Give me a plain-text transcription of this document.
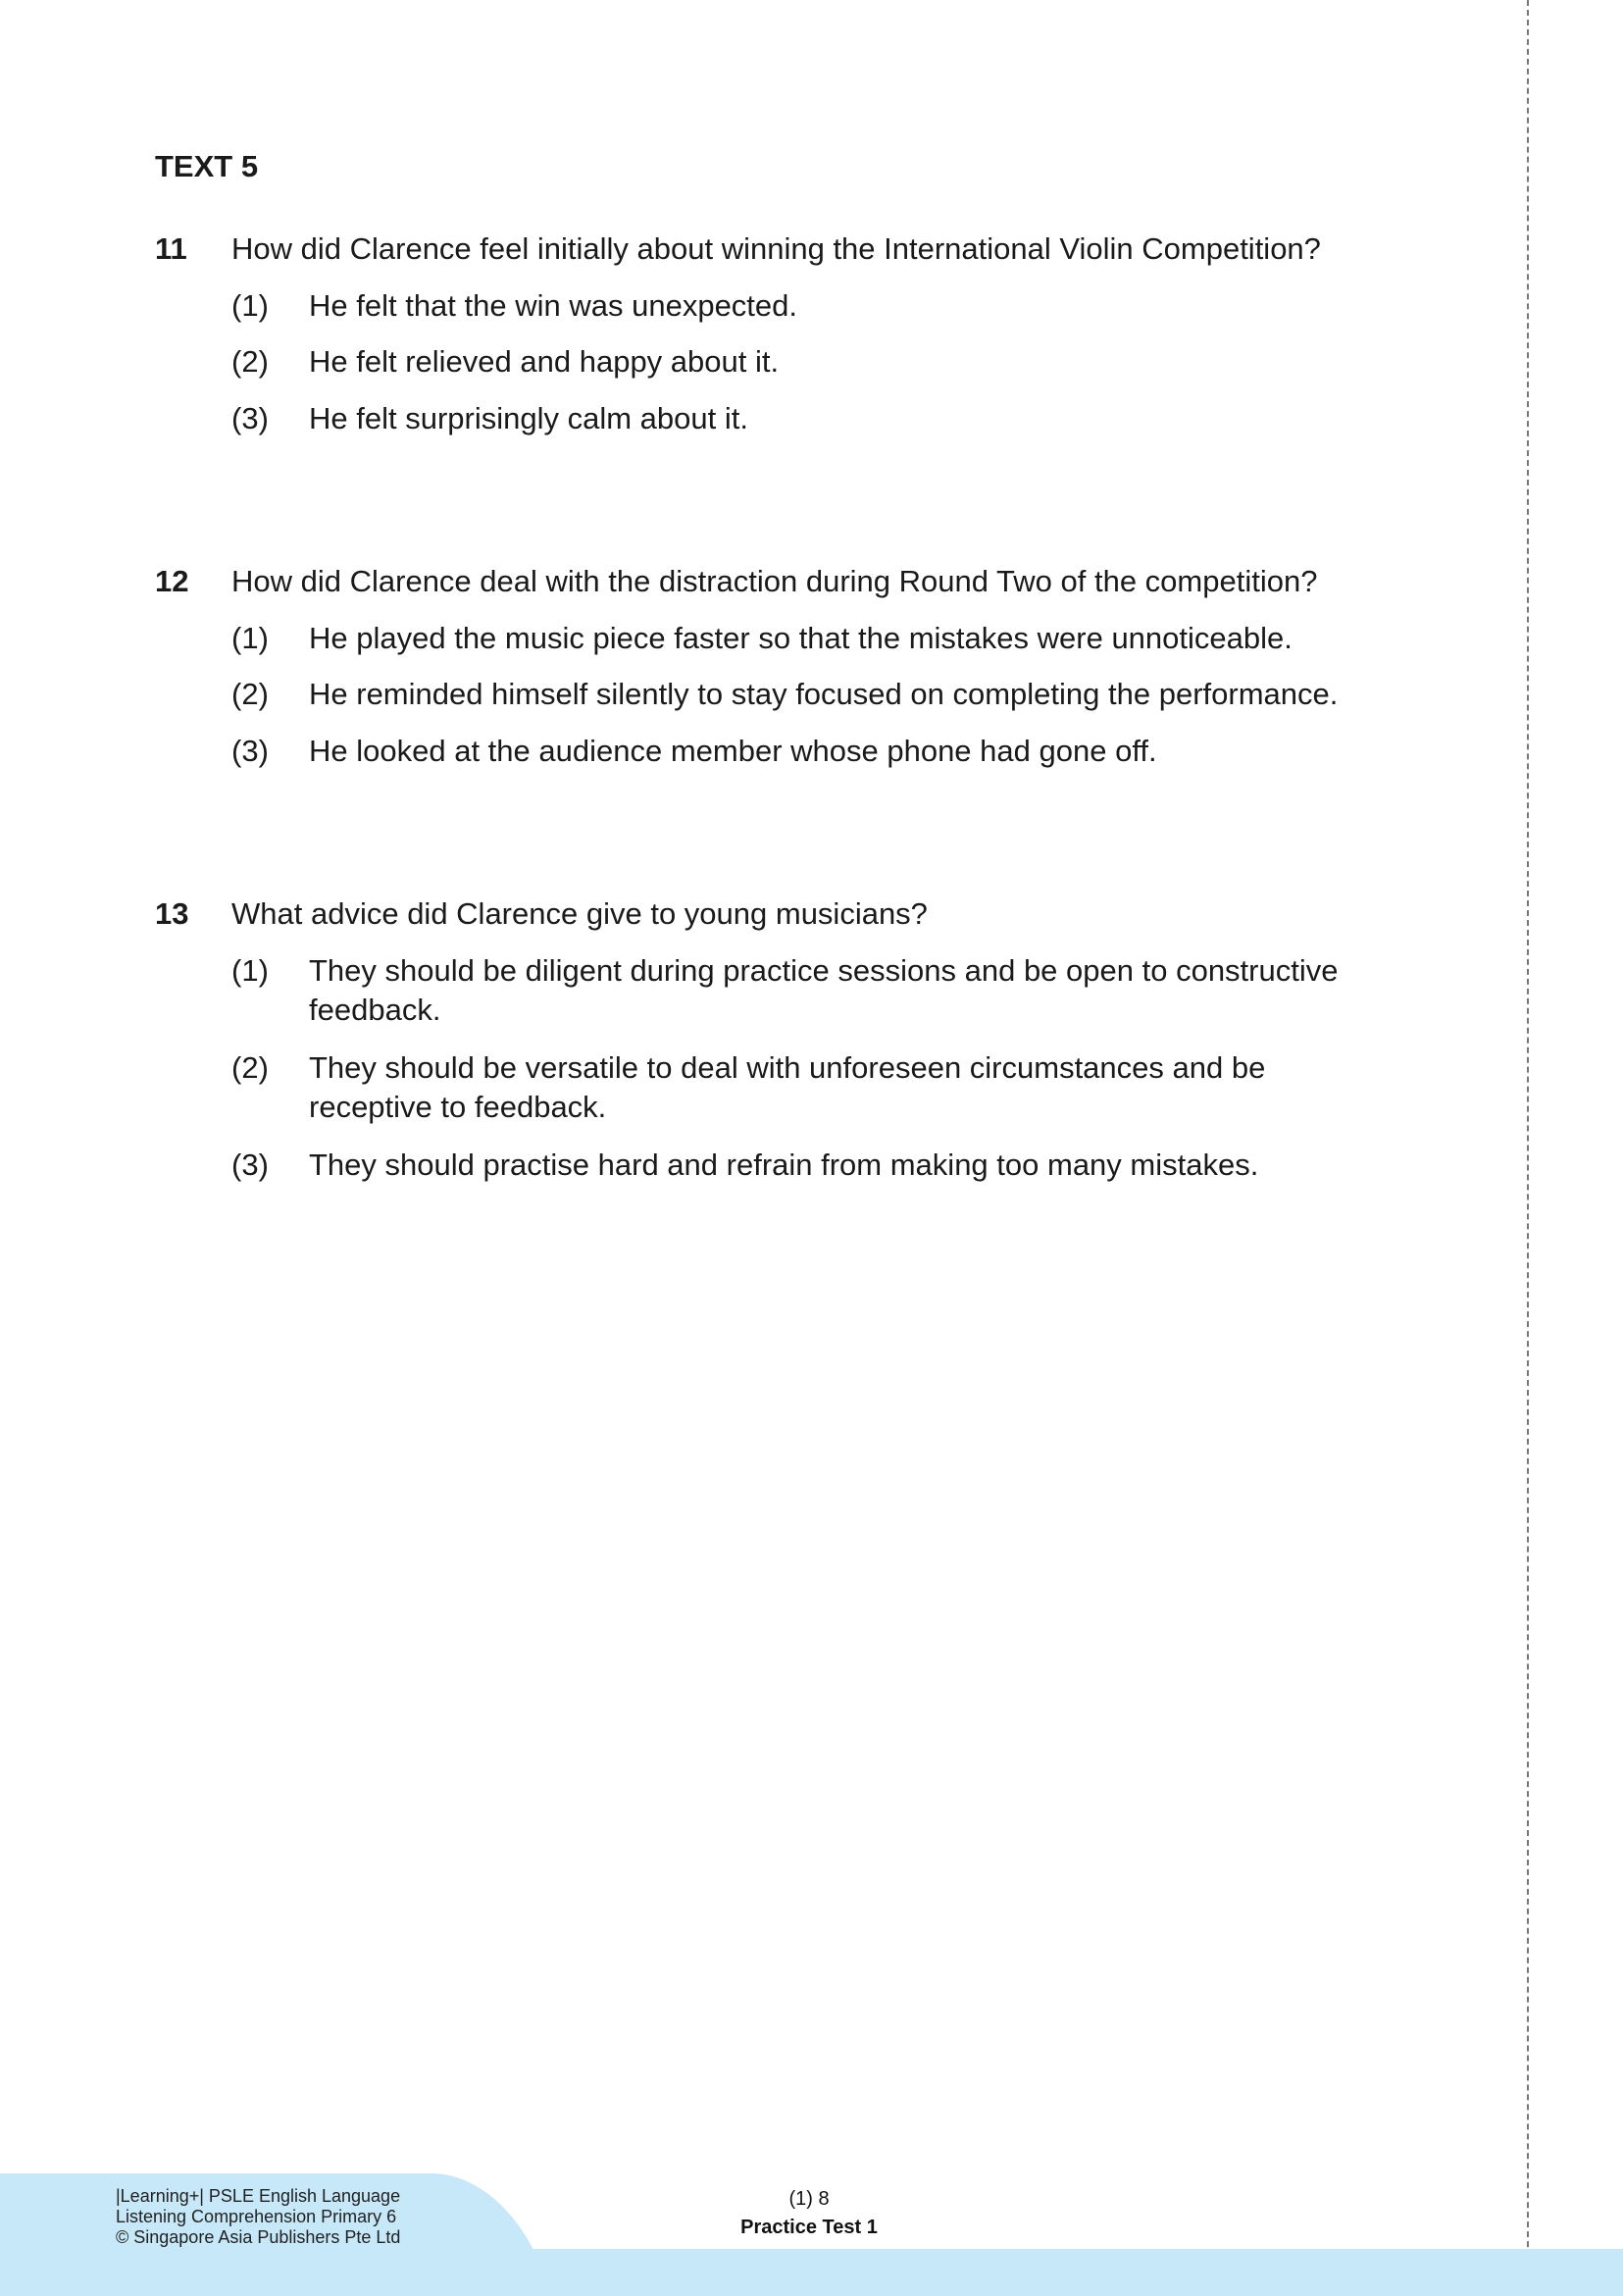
TEXT 5
11 How did Clarence feel initially about winning the International Violin Competition?
(1) He felt that the win was unexpected.
(2) He felt relieved and happy about it.
(3) He felt surprisingly calm about it.
12 How did Clarence deal with the distraction during Round Two of the competition?
(1) He played the music piece faster so that the mistakes were unnoticeable.
(2) He reminded himself silently to stay focused on completing the performance.
(3) He looked at the audience member whose phone had gone off.
13 What advice did Clarence give to young musicians?
(1) They should be diligent during practice sessions and be open to constructive feedback.
(2) They should be versatile to deal with unforeseen circumstances and be receptive to feedback.
(3) They should practise hard and refrain from making too many mistakes.
|Learning+| PSLE English Language
Listening Comprehension Primary 6
© Singapore Asia Publishers Pte Ltd
(1) 8
Practice Test 1
